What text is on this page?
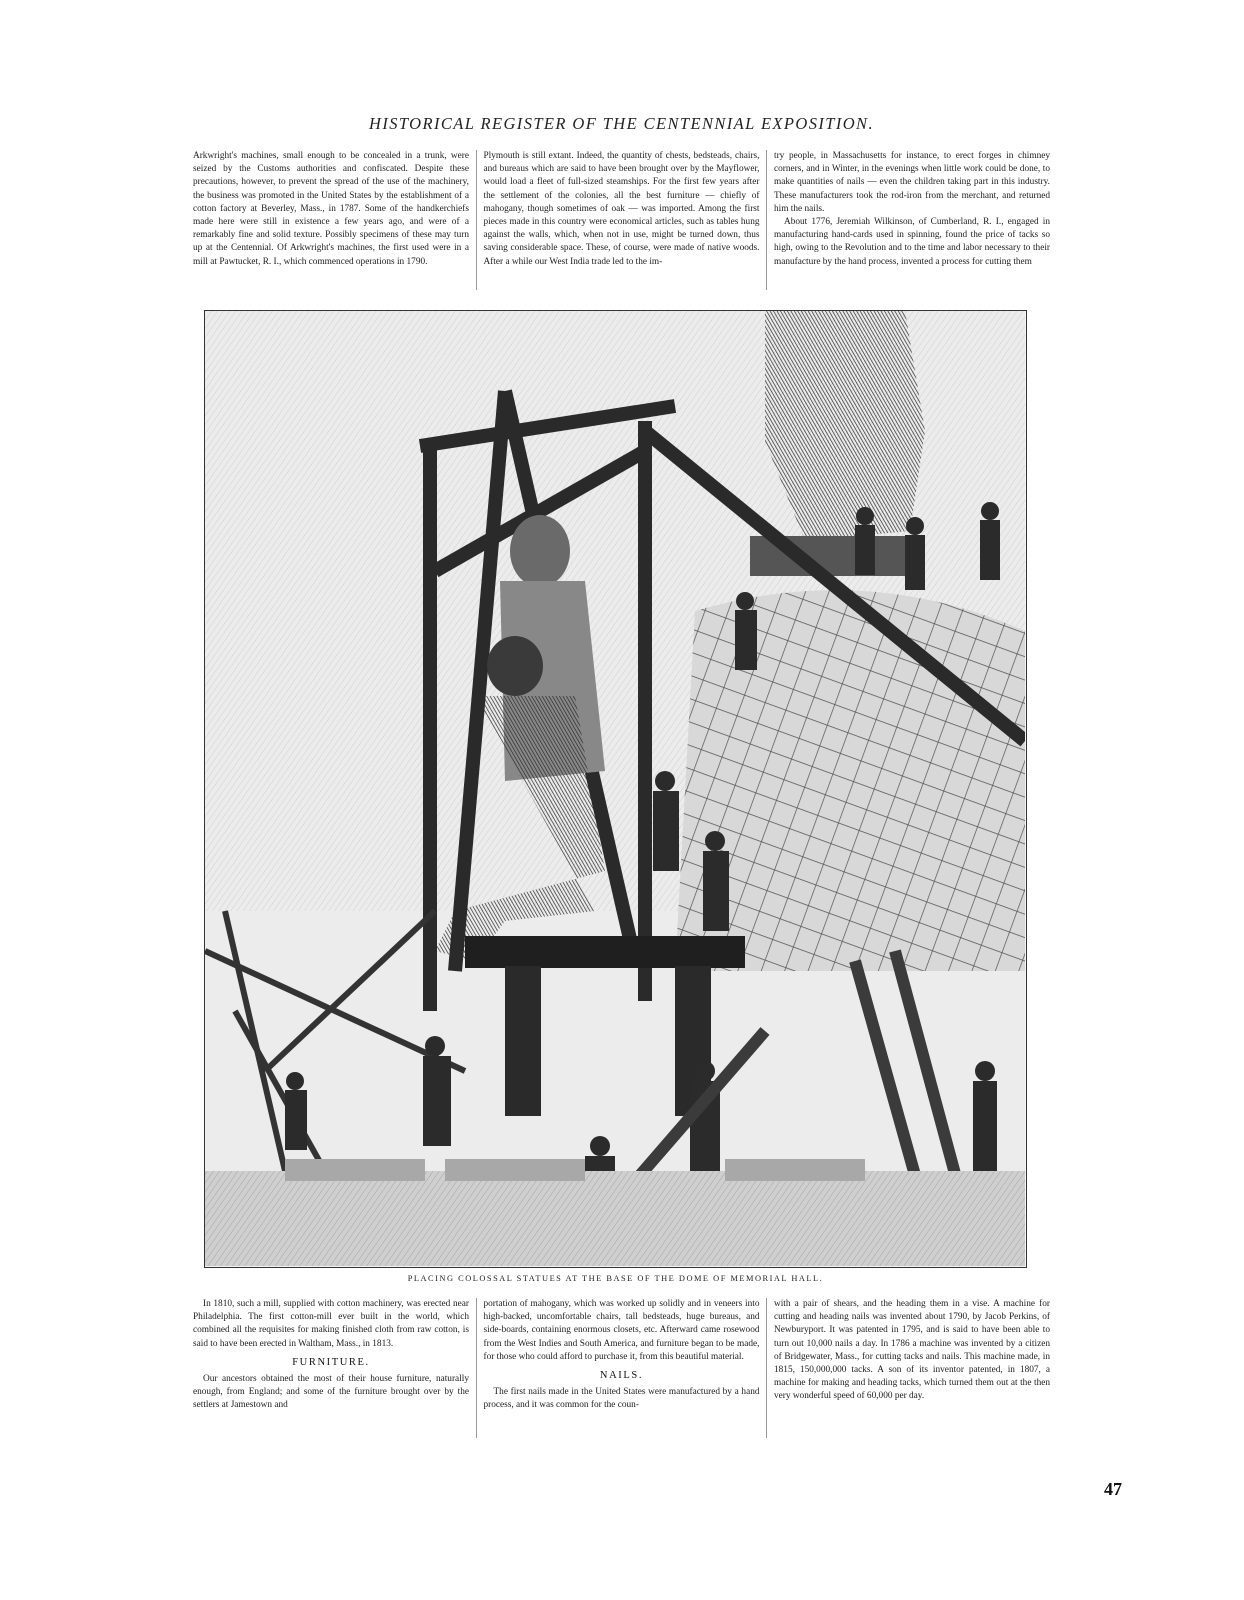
HISTORICAL REGISTER OF THE CENTENNIAL EXPOSITION.

Arkwright's machines, small enough to be concealed in a trunk, were seized by the Customs authorities and confiscated. Despite these precautions, however, to prevent the spread of the use of the machinery, the business was promoted in the United States by the establishment of a cotton factory at Beverley, Mass., in 1787. Some of the handkerchiefs made here were still in existence a few years ago, and were of a remarkably fine and solid texture. Possibly specimens of these may turn up at the Centennial. Of Arkwright's machines, the first used were in a mill at Pawtucket, R. I., which commenced operations in 1790.

Plymouth is still extant. Indeed, the quantity of chests, bedsteads, chairs, and bureaus which are said to have been brought over by the Mayflower, would load a fleet of full-sized steamships. For the first few years after the settlement of the colonies, all the best furniture — chiefly of mahogany, though sometimes of oak — was imported. Among the first pieces made in this country were economical articles, such as tables hung against the walls, which, when not in use, might be turned down, thus saving considerable space. These, of course, were made of native woods. After a while our West India trade led to the im-

try people, in Massachusetts for instance, to erect forges in chimney corners, and in Winter, in the evenings when little work could be done, to make quantities of nails — even the children taking part in this industry. These manufacturers took the rod-iron from the merchant, and returned him the nails.

About 1776, Jeremiah Wilkinson, of Cumberland, R. I., engaged in manufacturing hand-cards used in spinning, found the price of tacks so high, owing to the Revolution and to the time and labor necessary to their manufacture by the hand process, invented a process for cutting them

PLACING COLOSSAL STATUES AT THE BASE OF THE DOME OF MEMORIAL HALL.

In 1810, such a mill, supplied with cotton machinery, was erected near Philadelphia. The first cotton-mill ever built in the world, which combined all the requisites for making finished cloth from raw cotton, is said to have been erected in Waltham, Mass., in 1813.

FURNITURE.

Our ancestors obtained the most of their house furniture, naturally enough, from England; and some of the furniture brought over by the settlers at Jamestown and

portation of mahogany, which was worked up solidly and in veneers into high-backed, uncomfortable chairs, tall bedsteads, huge bureaus, and side-boards, containing enormous closets, etc. Afterward came rosewood from the West Indies and South America, and furniture began to be made, for those who could afford to purchase it, from this beautiful material.

NAILS.

The first nails made in the United States were manufactured by a hand process, and it was common for the coun-

with a pair of shears, and the heading them in a vise. A machine for cutting and heading nails was invented about 1790, by Jacob Perkins, of Newburyport. It was patented in 1795, and is said to have been able to turn out 10,000 nails a day. In 1786 a machine was invented by a citizen of Bridgewater, Mass., for cutting tacks and nails. This machine made, in 1815, 150,000,000 tacks. A son of its inventor patented, in 1807, a machine for making and heading tacks, which turned them out at the then very wonderful speed of 60,000 per day.

47
